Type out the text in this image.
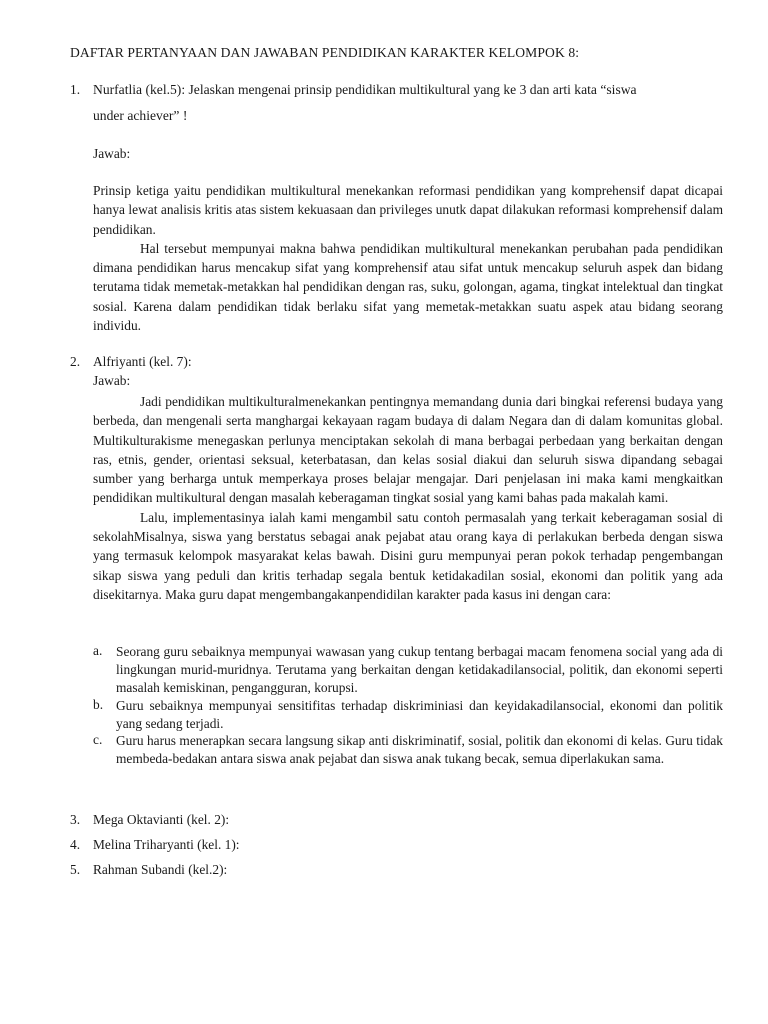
DAFTAR PERTANYAAN DAN JAWABAN PENDIDIKAN KARAKTER KELOMPOK 8:
1. Nurfatlia (kel.5): Jelaskan mengenai prinsip pendidikan multikultural yang ke 3 dan arti kata “siswa
under achiever” !
Jawab:

Prinsip ketiga yaitu pendidikan multikultural menekankan reformasi pendidikan yang komprehensif dapat dicapai hanya lewat analisis kritis atas sistem kekuasaan dan privileges unutk dapat dilakukan reformasi komprehensif dalam pendidikan.

Hal tersebut mempunyai makna bahwa pendidikan multikultural menekankan perubahan pada pendidikan dimana pendidikan harus mencakup sifat yang komprehensif atau sifat untuk mencakup seluruh aspek dan bidang terutama tidak memetak-metakkan hal pendidikan dengan ras, suku, golongan, agama, tingkat intelektual dan tingkat sosial. Karena dalam pendidikan tidak berlaku sifat yang memetak-metakkan suatu aspek atau bidang seorang individu.

2. Alfriyanti (kel. 7):
Jawab:

Jadi pendidikan multikulturalmenekankan pentingnya memandang dunia dari bingkai referensi budaya yang berbeda, dan mengenali serta manghargai kekayaan ragam budaya di dalam Negara dan di dalam komunitas global. Multikulturakisme menegaskan perlunya menciptakan sekolah di mana berbagai perbedaan yang berkaitan dengan ras, etnis, gender, orientasi seksual, keterbatasan, dan kelas sosial diakui dan seluruh siswa dipandang sebagai sumber yang berharga untuk memperkaya proses belajar mengajar. Dari penjelasan ini maka kami mengkaitkan pendidikan multikultural dengan masalah keberagaman tingkat sosial yang kami bahas pada makalah kami.

Lalu, implementasinya ialah kami mengambil satu contoh permasalah yang terkait keberagaman sosial di sekolahMisalnya, siswa yang berstatus sebagai anak pejabat atau orang kaya di perlakukan berbeda dengan siswa yang termasuk kelompok masyarakat kelas bawah. Disini guru mempunyai peran pokok terhadap pengembangan sikap siswa yang peduli dan kritis terhadap segala bentuk ketidakadilan sosial, ekonomi dan politik yang ada disekitarnya. Maka guru dapat mengembangakanpendidilan karakter pada kasus ini dengan cara:

a. Seorang guru sebaiknya mempunyai wawasan yang cukup tentang berbagai macam fenomena social yang ada di lingkungan murid-muridnya. Terutama yang berkaitan dengan ketidakadilansocial, politik, dan ekonomi seperti masalah kemiskinan, pengangguran, korupsi.
b. Guru sebaiknya mempunyai sensitifitas terhadap diskriminiasi dan keyidakadilansocial, ekonomi dan politik yang sedang terjadi.
c. Guru harus menerapkan secara langsung sikap anti diskriminatif, sosial, politik dan ekonomi di kelas. Guru tidak membeda-bedakan antara siswa anak pejabat dan siswa anak tukang becak, semua diperlakukan sama.
3. Mega Oktavianti (kel. 2):
4. Melina Triharyanti (kel. 1):
5. Rahman Subandi (kel.2):
